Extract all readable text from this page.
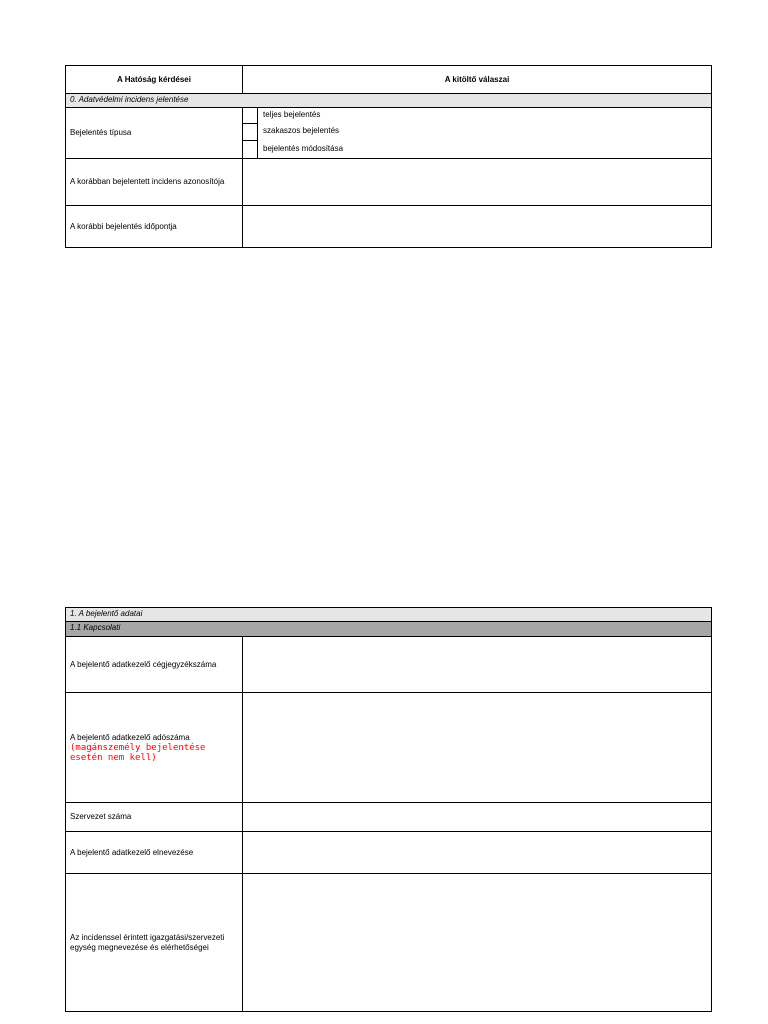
A Hatóság kérdései	A kitöltő válaszai
0. Adatvédelmi incidens jelentése
Bejelentés típusa
teljes bejelentés
szakaszos bejelentés
bejelentés módosítása
A korábban bejelentett incidens azonosítója
A korábbi bejelentés időpontja
1. A bejelentő adatai
1.1 Kapcsolati
A bejelentő adatkezelő cégjegyzékszáma
A bejelentő adatkezelő adószáma
(magánszemély bejelentése esetén nem kell)
Szervezet száma
A bejelentő adatkezelő elnevezése
Az incidenssel érintett igazgatási/szervezeti egység megnevezése és elérhetőségei
